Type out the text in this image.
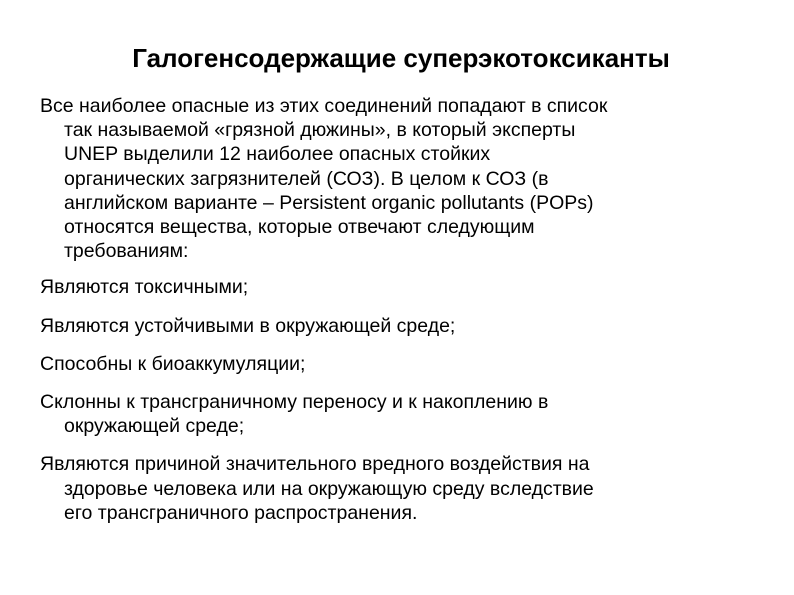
Галогенсодержащие суперэкотоксиканты

Все наиболее опасные из этих соединений попадают в список
так называемой «грязной дюжины», в который эксперты
UNEP выделили 12 наиболее опасных стойких
органических загрязнителей (СОЗ). В целом к СОЗ (в
английском варианте – Persistent organic pollutants (POPs)
относятся вещества, которые отвечают следующим
требованиям:

Являются токсичными;

Являются устойчивыми в окружающей среде;

Способны к биоаккумуляции;

Склонны к трансграничному переносу и к накоплению в
окружающей среде;

Являются причиной значительного вредного воздействия на
здоровье человека или на окружающую среду вследствие
его трансграничного распространения.
